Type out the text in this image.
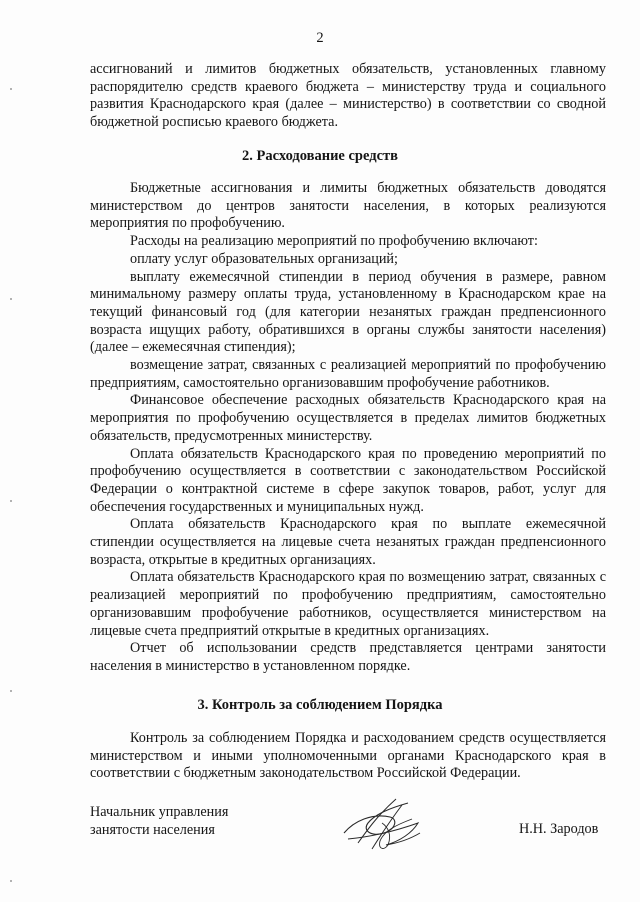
2

ассигнований и лимитов бюджетных обязательств, установленных главному распорядителю средств краевого бюджета – министерству труда и социального развития Краснодарского края (далее – министерство) в соответствии со сводной бюджетной росписью краевого бюджета.

2. Расходование средств

Бюджетные ассигнования и лимиты бюджетных обязательств доводятся министерством до центров занятости населения, в которых реализуются мероприятия по профобучению.

Расходы на реализацию мероприятий по профобучению включают:

оплату услуг образовательных организаций;

выплату ежемесячной стипендии в период обучения в размере, равном минимальному размеру оплаты труда, установленному в Краснодарском крае на текущий финансовый год (для категории незанятых граждан предпенсионного возраста ищущих работу, обратившихся в органы службы занятости населения) (далее – ежемесячная стипендия);

возмещение затрат, связанных с реализацией мероприятий по профобучению предприятиям, самостоятельно организовавшим профобучение работников.

Финансовое обеспечение расходных обязательств Краснодарского края на мероприятия по профобучению осуществляется в пределах лимитов бюджетных обязательств, предусмотренных министерству.

Оплата обязательств Краснодарского края по проведению мероприятий по профобучению осуществляется в соответствии с законодательством Российской Федерации о контрактной системе в сфере закупок товаров, работ, услуг для обеспечения государственных и муниципальных нужд.

Оплата обязательств Краснодарского края по выплате ежемесячной стипендии осуществляется на лицевые счета незанятых граждан предпенсионного возраста, открытые в кредитных организациях.

Оплата обязательств Краснодарского края по возмещению затрат, связанных с реализацией мероприятий по профобучению предприятиям, самостоятельно организовавшим профобучение работников, осуществляется министерством на лицевые счета предприятий открытые в кредитных организациях.

Отчет об использовании средств представляется центрами занятости населения в министерство в установленном порядке.

3. Контроль за соблюдением Порядка

Контроль за соблюдением Порядка и расходованием средств осуществляется министерством и иными уполномоченными органами Краснодарского края в соответствии с бюджетным законодательством Российской Федерации.

Начальник управления
занятости населения	Н.Н. Зародов
